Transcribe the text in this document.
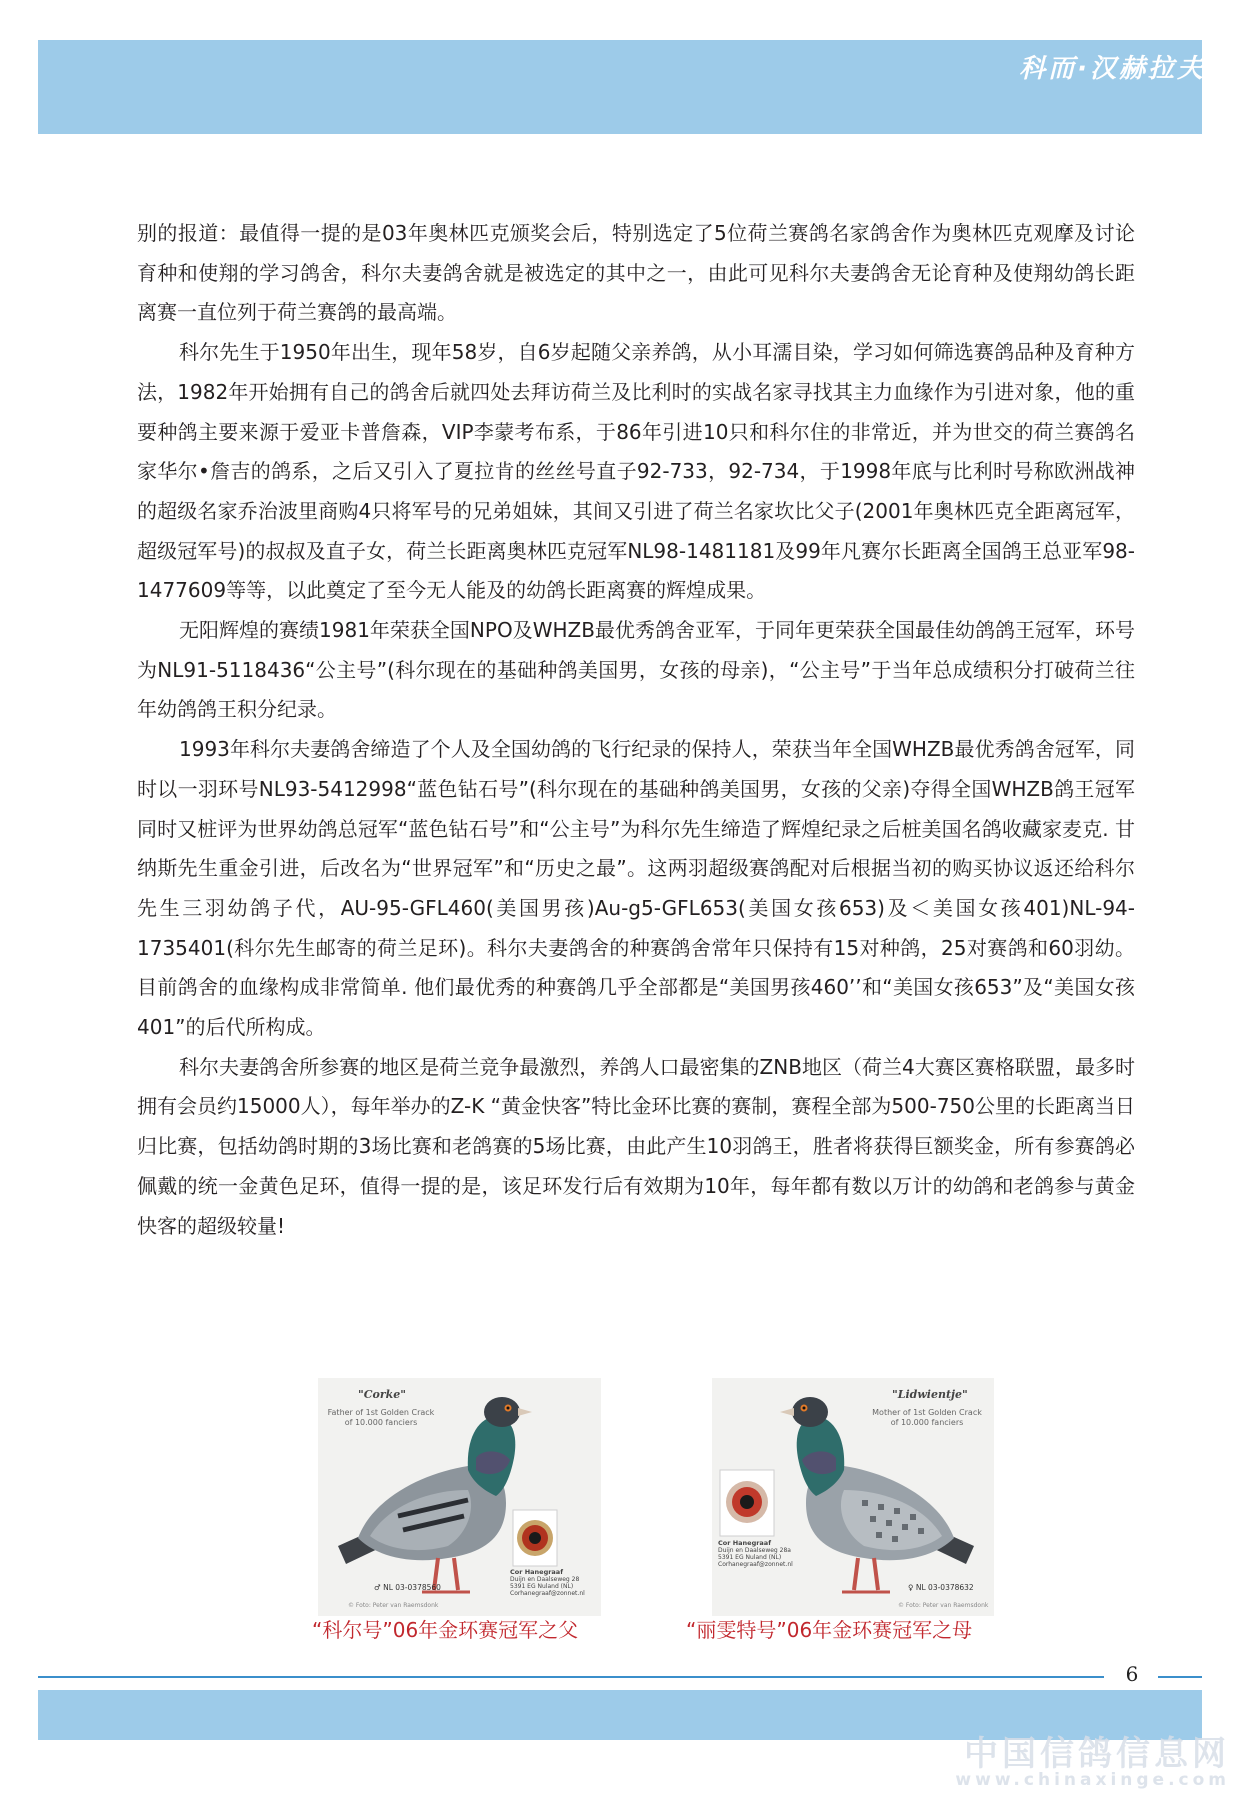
科而·汉赫拉夫

别的报道：最值得一提的是03年奥林匹克颁奖会后，特别选定了5位荷兰赛鸽名家鸽舍作为奥林匹克观摩及讨论育种和使翔的学习鸽舍，科尔夫妻鸽舍就是被选定的其中之一，由此可见科尔夫妻鸽舍无论育种及使翔幼鸽长距离赛一直位列于荷兰赛鸽的最高端。

科尔先生于1950年出生，现年58岁，自6岁起随父亲养鸽，从小耳濡目染，学习如何筛选赛鸽品种及育种方法，1982年开始拥有自己的鸽舍后就四处去拜访荷兰及比利时的实战名家寻找其主力血缘作为引进对象，他的重要种鸽主要来源于爱亚卡普詹森，VIP李蒙考布系，于86年引进10只和科尔住的非常近，并为世交的荷兰赛鸽名家华尔•詹吉的鸽系，之后又引入了夏拉肯的丝丝号直子92-733，92-734，于1998年底与比利时号称欧洲战神的超级名家乔治波里商购4只将军号的兄弟姐妹，其间又引进了荷兰名家坎比父子(2001年奥林匹克全距离冠军，超级冠军号)的叔叔及直子女，荷兰长距离奥林匹克冠军NL98-1481181及99年凡赛尔长距离全国鸽王总亚军98-1477609等等，以此奠定了至今无人能及的幼鸽长距离赛的辉煌成果。

无阳辉煌的赛绩1981年荣获全国NPO及WHZB最优秀鸽舍亚军，于同年更荣获全国最佳幼鸽鸽王冠军，环号为NL91-5118436“公主号”(科尔现在的基础种鸽美国男，女孩的母亲)，“公主号”于当年总成绩积分打破荷兰往年幼鸽鸽王积分纪录。

1993年科尔夫妻鸽舍缔造了个人及全国幼鸽的飞行纪录的保持人，荣获当年全国WHZB最优秀鸽舍冠军，同时以一羽环号NL93-5412998“蓝色钻石号”(科尔现在的基础种鸽美国男，女孩的父亲)夺得全国WHZB鸽王冠军同时又桩评为世界幼鸽总冠军“蓝色钻石号”和“公主号”为科尔先生缔造了辉煌纪录之后桩美国名鸽收藏家麦克. 甘纳斯先生重金引进，后改名为“世界冠军”和“历史之最”。这两羽超级赛鸽配对后根据当初的购买协议返还给科尔先生三羽幼鸽子代，AU-95-GFL460(美国男孩)Au-g5-GFL653(美国女孩653)及＜美国女孩401)NL-94-1735401(科尔先生邮寄的荷兰足环)。科尔夫妻鸽舍的种赛鸽舍常年只保持有15对种鸽，25对赛鸽和60羽幼。目前鸽舍的血缘构成非常简单. 他们最优秀的种赛鸽几乎全部都是“美国男孩460’’和“美国女孩653”及“美国女孩401”的后代所构成。

科尔夫妻鸽舍所参赛的地区是荷兰竞争最激烈，养鸽人口最密集的ZNB地区（荷兰4大赛区赛格联盟，最多时拥有会员约15000人），每年举办的Z-K “黄金快客”特比金环比赛的赛制，赛程全部为500-750公里的长距离当日归比赛，包括幼鸽时期的3场比赛和老鸽赛的5场比赛，由此产生10羽鸽王，胜者将获得巨额奖金，所有参赛鸽必佩戴的统一金黄色足环，值得一提的是，该足环发行后有效期为10年，每年都有数以万计的幼鸽和老鸽参与黄金快客的超级较量!

"Corke"
Father of 1st Golden Crack
of 10.000 fanciers
♂ NL 03-0378560
© Foto: Peter van Raemsdonk
Cor Hanegraaf
Duijn en Daalseweg 28
5391 EG Nuland (NL)
Corhanegraaf@zonnet.nl
"Lidwientje"
Mother of 1st Golden Crack
of 10.000 fanciers
♀ NL 03-0378632
© Foto: Peter van Raemsdonk
Cor Hanegraaf
Duijn en Daalseweg 28a
5391 EG Nuland (NL)
Corhanegraaf@zonnet.nl
“科尔号”06年金环赛冠军之父	“丽雯特号”06年金环赛冠军之母
6
中国信鸽信息网
www.chinaxinge.com
